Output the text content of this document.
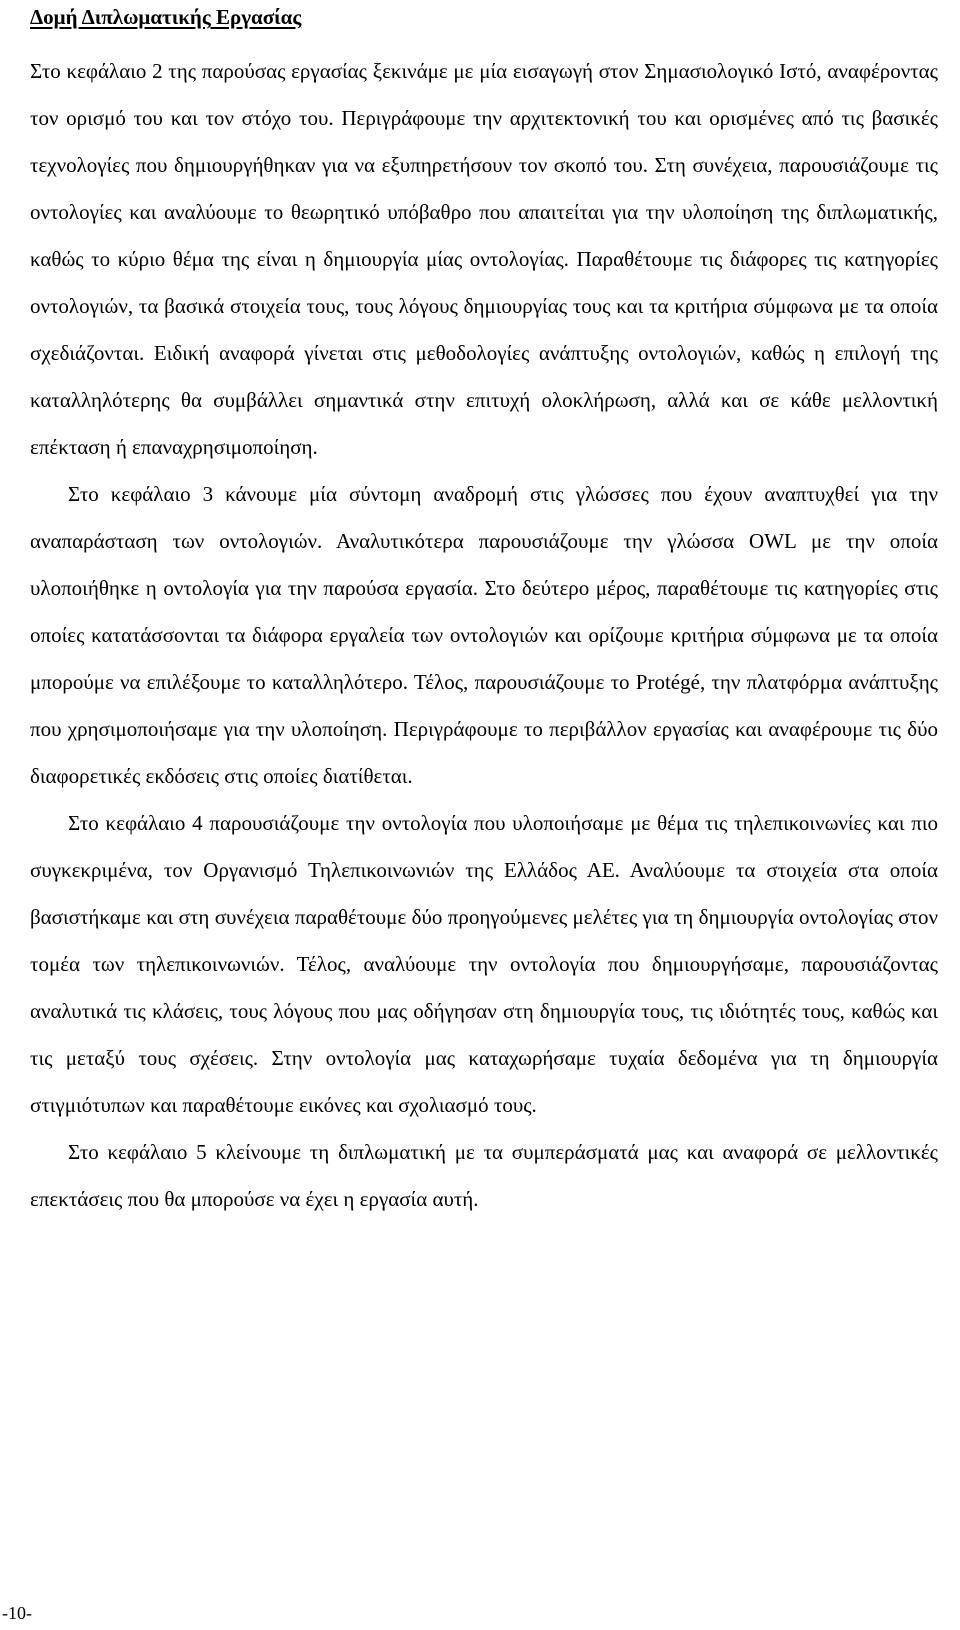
Δομή Διπλωματικής Εργασίας

Στο κεφάλαιο 2 της παρούσας εργασίας ξεκινάμε με μία εισαγωγή στον Σημασιολογικό Ιστό, αναφέροντας τον ορισμό του και τον στόχο του. Περιγράφουμε την αρχιτεκτονική του και ορισμένες από τις βασικές τεχνολογίες που δημιουργήθηκαν για να εξυπηρετήσουν τον σκοπό του. Στη συνέχεια, παρουσιάζουμε τις οντολογίες και αναλύουμε το θεωρητικό υπόβαθρο που απαιτείται για την υλοποίηση της διπλωματικής, καθώς το κύριο θέμα της είναι η δημιουργία μίας οντολογίας. Παραθέτουμε τις διάφορες τις κατηγορίες οντολογιών, τα βασικά στοιχεία τους, τους λόγους δημιουργίας τους και τα κριτήρια σύμφωνα με τα οποία σχεδιάζονται. Ειδική αναφορά γίνεται στις μεθοδολογίες ανάπτυξης οντολογιών, καθώς η επιλογή της καταλληλότερης θα συμβάλλει σημαντικά στην επιτυχή ολοκλήρωση, αλλά και σε κάθε μελλοντική επέκταση ή επαναχρησιμοποίηση.

Στο κεφάλαιο 3 κάνουμε μία σύντομη αναδρομή στις γλώσσες που έχουν αναπτυχθεί για την αναπαράσταση των οντολογιών. Αναλυτικότερα παρουσιάζουμε την γλώσσα OWL με την οποία υλοποιήθηκε η οντολογία για την παρούσα εργασία. Στο δεύτερο μέρος, παραθέτουμε τις κατηγορίες στις οποίες κατατάσσονται τα διάφορα εργαλεία των οντολογιών και ορίζουμε κριτήρια σύμφωνα με τα οποία μπορούμε να επιλέξουμε το καταλληλότερο. Τέλος, παρουσιάζουμε το Protégé, την πλατφόρμα ανάπτυξης που χρησιμοποιήσαμε για την υλοποίηση. Περιγράφουμε το περιβάλλον εργασίας και αναφέρουμε τις δύο διαφορετικές εκδόσεις στις οποίες διατίθεται.

Στο κεφάλαιο 4 παρουσιάζουμε την οντολογία που υλοποιήσαμε με θέμα τις τηλεπικοινωνίες και πιο συγκεκριμένα, τον Οργανισμό Τηλεπικοινωνιών της Ελλάδος ΑΕ. Αναλύουμε τα στοιχεία στα οποία βασιστήκαμε και στη συνέχεια παραθέτουμε δύο προηγούμενες μελέτες για τη δημιουργία οντολογίας στον τομέα των τηλεπικοινωνιών. Τέλος, αναλύουμε την οντολογία που δημιουργήσαμε, παρουσιάζοντας αναλυτικά τις κλάσεις, τους λόγους που μας οδήγησαν στη δημιουργία τους, τις ιδιότητές τους, καθώς και τις μεταξύ τους σχέσεις. Στην οντολογία μας καταχωρήσαμε τυχαία δεδομένα για τη δημιουργία στιγμιότυπων και παραθέτουμε εικόνες και σχολιασμό τους.

Στο κεφάλαιο 5 κλείνουμε τη διπλωματική με τα συμπεράσματά μας και αναφορά σε μελλοντικές επεκτάσεις που θα μπορούσε να έχει η εργασία αυτή.

-10-
